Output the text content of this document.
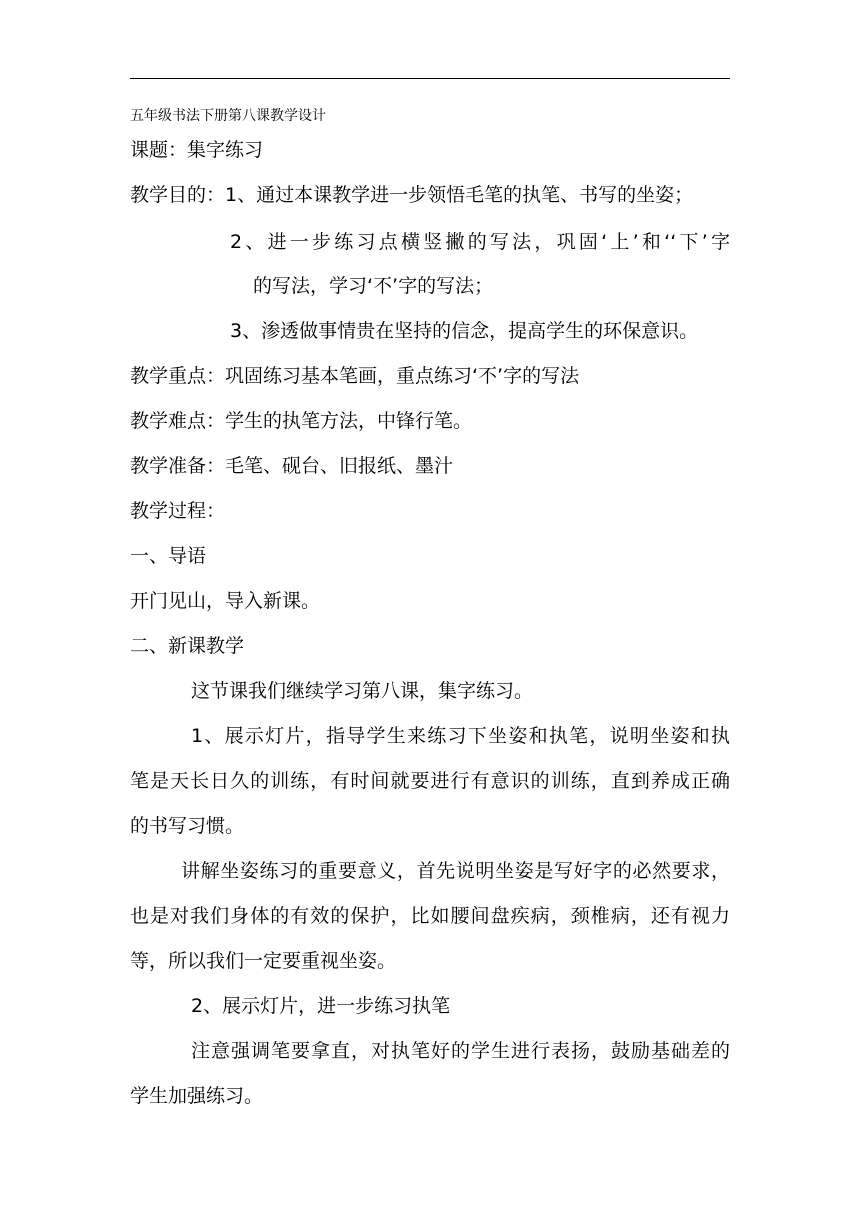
五年级书法下册第八课教学设计
课题：集字练习
教学目的：1、通过本课教学进一步领悟毛笔的执笔、书写的坐姿；
2、进一步练习点横竖撇的写法，巩固‘上’和‘‘下’字
的写法，学习‘不’字的写法；
3、渗透做事情贵在坚持的信念，提高学生的环保意识。
教学重点：巩固练习基本笔画，重点练习‘不’字的写法
教学难点：学生的执笔方法，中锋行笔。
教学准备：毛笔、砚台、旧报纸、墨汁
教学过程：
一、导语
开门见山，导入新课。
二、新课教学
这节课我们继续学习第八课，集字练习。
1、展示灯片，指导学生来练习下坐姿和执笔，说明坐姿和执
笔是天长日久的训练，有时间就要进行有意识的训练，直到养成正确
的书写习惯。
讲解坐姿练习的重要意义，首先说明坐姿是写好字的必然要求，
也是对我们身体的有效的保护，比如腰间盘疾病，颈椎病，还有视力
等，所以我们一定要重视坐姿。
2、展示灯片，进一步练习执笔
注意强调笔要拿直，对执笔好的学生进行表扬，鼓励基础差的
学生加强练习。
